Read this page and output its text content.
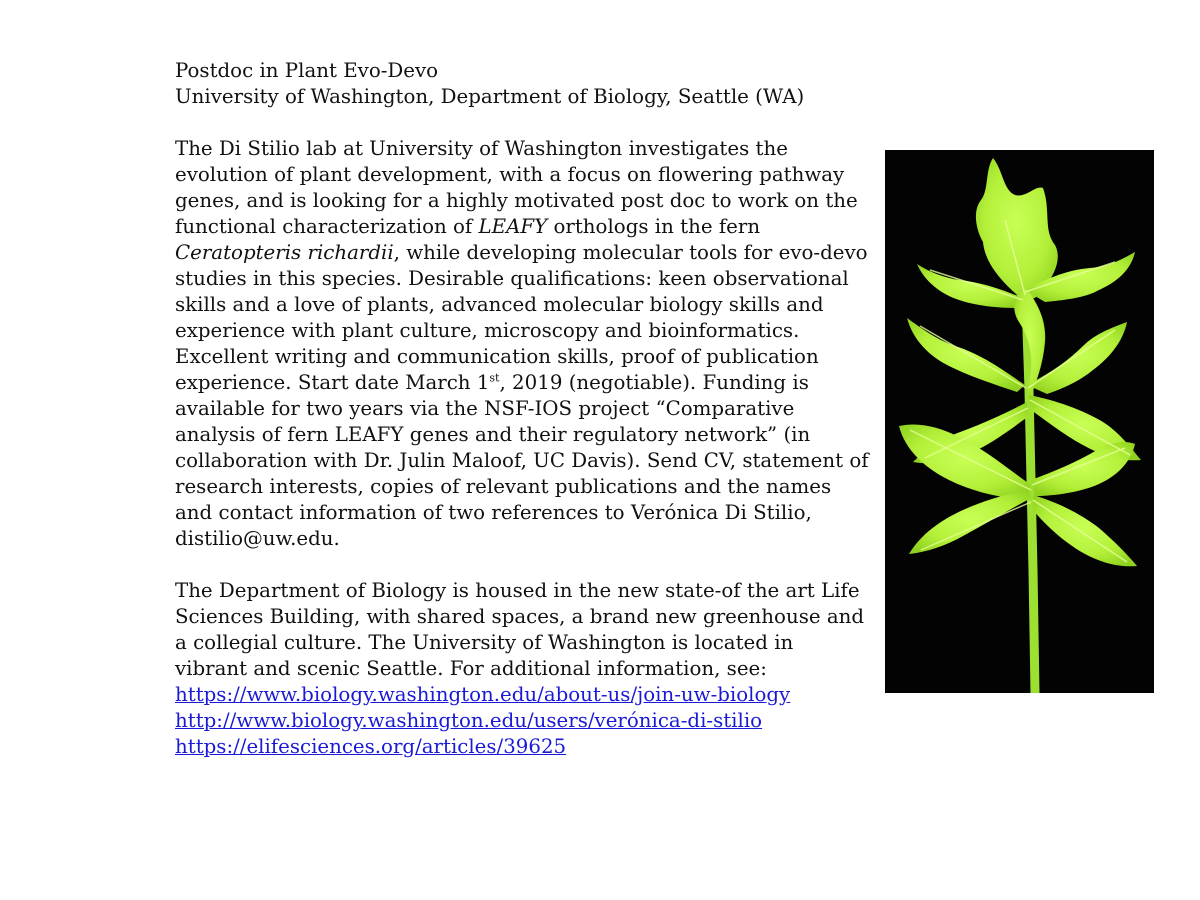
Postdoc in Plant Evo-Devo
University of Washington, Department of Biology, Seattle (WA)

The Di Stilio lab at University of Washington investigates the
evolution of plant development, with a focus on flowering pathway
genes, and is looking for a highly motivated post doc to work on the
functional characterization of LEAFY orthologs in the fern
Ceratopteris richardii, while developing molecular tools for evo-devo
studies in this species. Desirable qualifications: keen observational
skills and a love of plants, advanced molecular biology skills and
experience with plant culture, microscopy and bioinformatics.
Excellent writing and communication skills, proof of publication
experience. Start date March 1st, 2019 (negotiable). Funding is
available for two years via the NSF-IOS project “Comparative
analysis of fern LEAFY genes and their regulatory network” (in
collaboration with Dr. Julin Maloof, UC Davis). Send CV, statement of
research interests, copies of relevant publications and the names
and contact information of two references to Verónica Di Stilio,
distilio@uw.edu.

The Department of Biology is housed in the new state-of the art Life
Sciences Building, with shared spaces, a brand new greenhouse and
a collegial culture. The University of Washington is located in
vibrant and scenic Seattle. For additional information, see:
https://www.biology.washington.edu/about-us/join-uw-biology
http://www.biology.washington.edu/users/verónica-di-stilio
https://elifesciences.org/articles/39625
